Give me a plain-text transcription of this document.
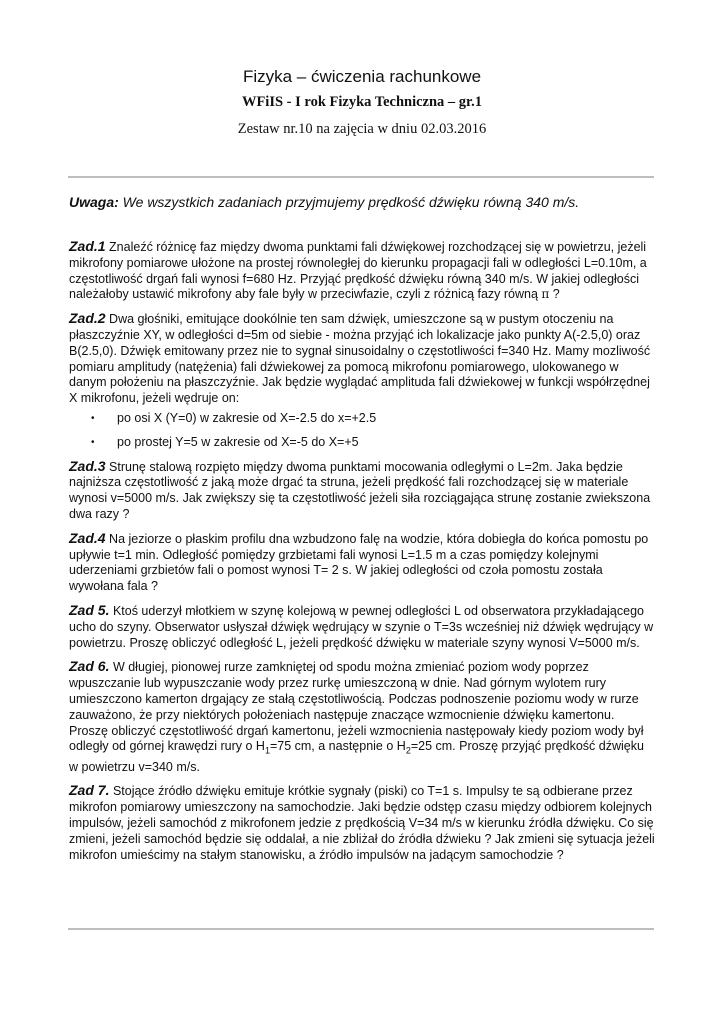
Fizyka – ćwiczenia rachunkowe
WFiIS - I rok Fizyka Techniczna – gr.1
Zestaw nr.10 na zajęcia w dniu 02.03.2016

Uwaga: We wszystkich zadaniach przyjmujemy prędkość dźwięku równą 340 m/s.

Zad.1 Znaleźć różnicę faz między dwoma punktami fali dźwiękowej rozchodzącej się w powietrzu, jeżeli mikrofony pomiarowe ułożone na prostej równoległej do kierunku propagacji fali w odległości L=0.10m, a częstotliwość drgań fali wynosi f=680 Hz. Przyjąć prędkość dźwięku równą 340 m/s. W jakiej odległości należałoby ustawić mikrofony aby fale były w przeciwfazie, czyli z różnicą fazy równą π ?

Zad.2 Dwa głośniki, emitujące dookólnie ten sam dźwięk, umieszczone są w pustym otoczeniu na płaszczyźnie XY, w odległości d=5m od siebie - można przyjąć ich lokalizacje jako punkty A(-2.5,0) oraz B(2.5,0). Dźwięk emitowany przez nie to sygnał sinusoidalny o częstotliwości f=340 Hz. Mamy mozliwość pomiaru amplitudy (natężenia) fali dźwiekowej za pomocą mikrofonu pomiarowego, ulokowanego w danym położeniu na płaszczyźnie. Jak będzie wyglądać amplituda fali dźwiekowej w funkcji współrzędnej X mikrofonu, jeżeli wędruje on:

• po osi X (Y=0) w zakresie od X=-2.5 do x=+2.5
• po prostej Y=5 w zakresie od X=-5 do X=+5

Zad.3 Strunę stalową rozpięto między dwoma punktami mocowania odległymi o L=2m. Jaka będzie najniższa częstotliwość z jaką może drgać ta struna, jeżeli prędkość fali rozchodzącej się w materiale wynosi v=5000 m/s. Jak zwiększy się ta częstotliwość jeżeli siła rozciągająca strunę zostanie zwiekszona dwa razy ?

Zad.4 Na jeziorze o płaskim profilu dna wzbudzono falę na wodzie, która dobiegła do końca pomostu po upływie t=1 min. Odległość pomiędzy grzbietami fali wynosi L=1.5 m a czas pomiędzy kolejnymi uderzeniami grzbietów fali o pomost wynosi T= 2 s. W jakiej odległości od czoła pomostu została wywołana fala ?

Zad 5. Ktoś uderzył młotkiem w szynę kolejową w pewnej odległości L od obserwatora przykładającego ucho do szyny. Obserwator usłyszał dźwięk wędrujący w szynie o T=3s wcześniej niż dźwięk wędrujący w powietrzu. Proszę obliczyć odległość L, jeżeli prędkość dźwięku w materiale szyny wynosi V=5000 m/s.

Zad 6. W długiej, pionowej rurze zamkniętej od spodu można zmieniać poziom wody poprzez wpuszczanie lub wypuszczanie wody przez rurkę umieszczoną w dnie. Nad górnym wylotem rury umieszczono kamerton drgający ze stałą częstotliwością. Podczas podnoszenie poziomu wody w rurze zauważono, że przy niektórych położeniach następuje znaczące wzmocnienie dźwięku kamertonu. Proszę obliczyć częstotliwość drgań kamertonu, jeżeli wzmocnienia następowały kiedy poziom wody był odległy od górnej krawędzi rury o $H_1=75$ cm, a następnie o $H_2=25$ cm. Proszę przyjąć prędkość dźwięku w powietrzu v=340 m/s.

Zad 7. Stojące źródło dźwięku emituje krótkie sygnały (piski) co T=1 s. Impulsy te są odbierane przez mikrofon pomiarowy umieszczony na samochodzie. Jaki będzie odstęp czasu między odbiorem kolejnych impulsów, jeżeli samochód z mikrofonem jedzie z prędkością V=34 m/s w kierunku źródła dźwięku. Co się zmieni, jeżeli samochód będzie się oddalał, a nie zbliżał do źródła dźwieku ? Jak zmieni się sytuacja jeżeli mikrofon umieścimy na stałym stanowisku, a źródło impulsów na jadącym samochodzie ?
